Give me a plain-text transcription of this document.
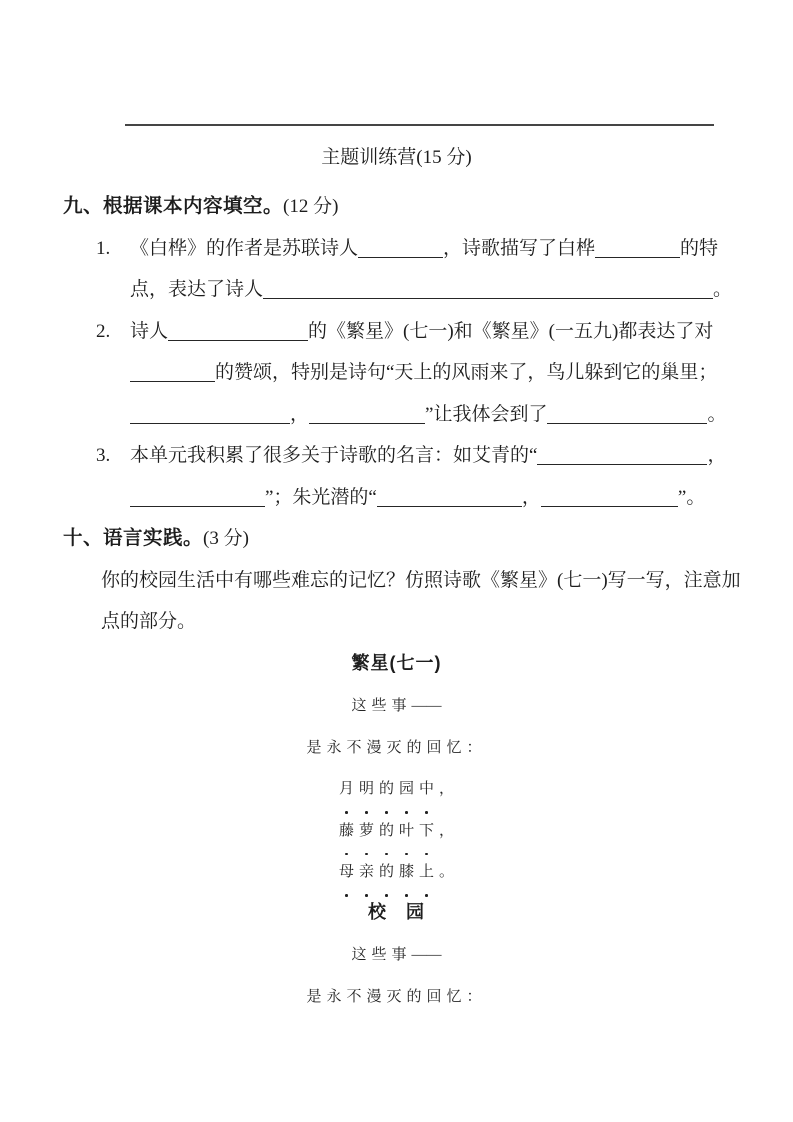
主题训练营(15 分)
九、根据课本内容填空。(12 分)
1. 《白桦》的作者是苏联诗人	，诗歌描写了白桦	的特
点，表达了诗人	。
2. 诗人	的《繁星》(七一)和《繁星》(一五九)都表达了对
的赞颂，特别是诗句“天上的风雨来了，鸟儿躲到它的巢里；
，	”让我体会到了	。
3. 本单元我积累了很多关于诗歌的名言：如艾青的“	，
”；朱光潜的“	，	”。
十、语言实践。(3 分)
你的校园生活中有哪些难忘的记忆？仿照诗歌《繁星》(七一)写一写，注意加
点的部分。
繁星(七一)
这些事——
是永不漫灭的回忆：
月 明 的 园 中 ，
藤 萝 的 叶 下 ，
母 亲 的 膝 上 。
校　园
这些事——
是永不漫灭的回忆：
